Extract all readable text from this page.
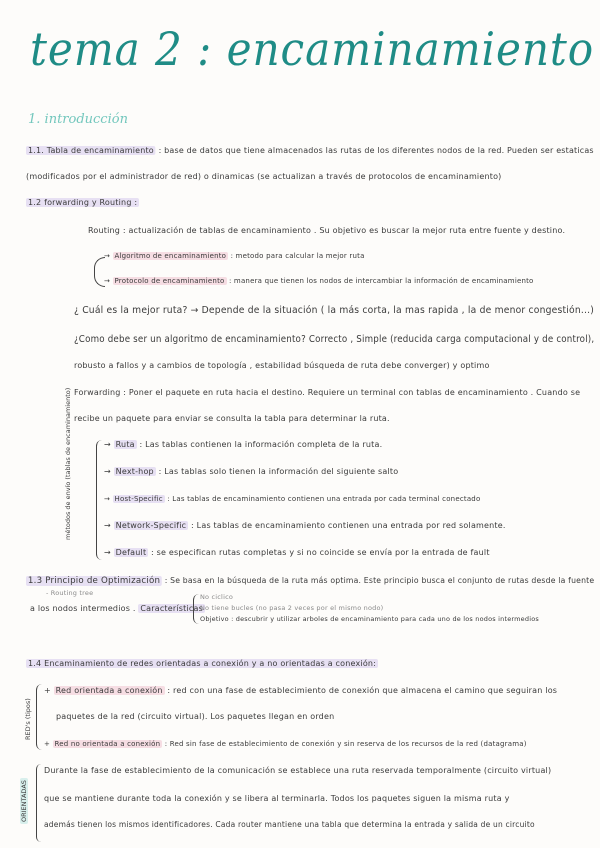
tema 2 : encaminamiento
1. introducción
1.1. Tabla de encaminamiento : base de datos que tiene almacenados las rutas de los diferentes nodos de la red. Pueden ser estaticas
(modificados por el administrador de red) o dinamicas (se actualizan a través de protocolos de encaminamiento)
1.2 forwarding y Routing :
Routing : actualización de tablas de encaminamiento . Su objetivo es buscar la mejor ruta entre fuente y destino.
→ Algoritmo de encaminamiento : metodo para calcular la mejor ruta
→ Protocolo de encaminamiento : manera que tienen los nodos de intercambiar la información de encaminamiento
¿ Cuál es la mejor ruta? → Depende de la situación ( la más corta, la mas rapida , la de menor congestión...)
¿Como debe ser un algoritmo de encaminamiento? Correcto , Simple (reducida carga computacional y de control),
robusto a fallos y a cambios de topología , estabilidad búsqueda de ruta debe converger) y optimo
Forwarding : Poner el paquete en ruta hacia el destino. Requiere un terminal con tablas de encaminamiento . Cuando se
recibe un paquete para enviar se consulta la tabla para determinar la ruta.
métodos de envío (tablas de encaminamiento)	→ Ruta : Las tablas contienen la información completa de la ruta.
→ Next-hop : Las tablas solo tienen la información del siguiente salto
→ Host-Specific : Las tablas de encaminamiento contienen una entrada por cada terminal conectado
→ Network-Specific : Las tablas de encaminamiento contienen una entrada por red solamente.
→ Default : se especifican rutas completas y si no coincide se envía por la entrada de fault
1.3 Principio de Optimización : Se basa en la búsqueda de la ruta más optima. Este principio busca el conjunto de rutas desde la fuente
- Routing tree
a los nodos intermedios . Características
No ciclico
No tiene bucles (no pasa 2 veces por el mismo nodo)
Objetivo : descubrir y utilizar arboles de encaminamiento para cada uno de los nodos intermedios
1.4 Encaminamiento de redes orientadas a conexión y a no orientadas a conexión:
RED's (tipos)
+ Red orientada a conexión : red con una fase de establecimiento de conexión que almacena el camino que seguiran los
paquetes de la red (circuito virtual). Los paquetes llegan en orden
+ Red no orientada a conexión : Red sin fase de establecimiento de conexión y sin reserva de los recursos de la red (datagrama)
ORIENTADAS
Durante la fase de establecimiento de la comunicación se establece una ruta reservada temporalmente (circuito virtual)
que se mantiene durante toda la conexión y se libera al terminarla. Todos los paquetes siguen la misma ruta y
además tienen los mismos identificadores. Cada router mantiene una tabla que determina la entrada y salida de un circuito
